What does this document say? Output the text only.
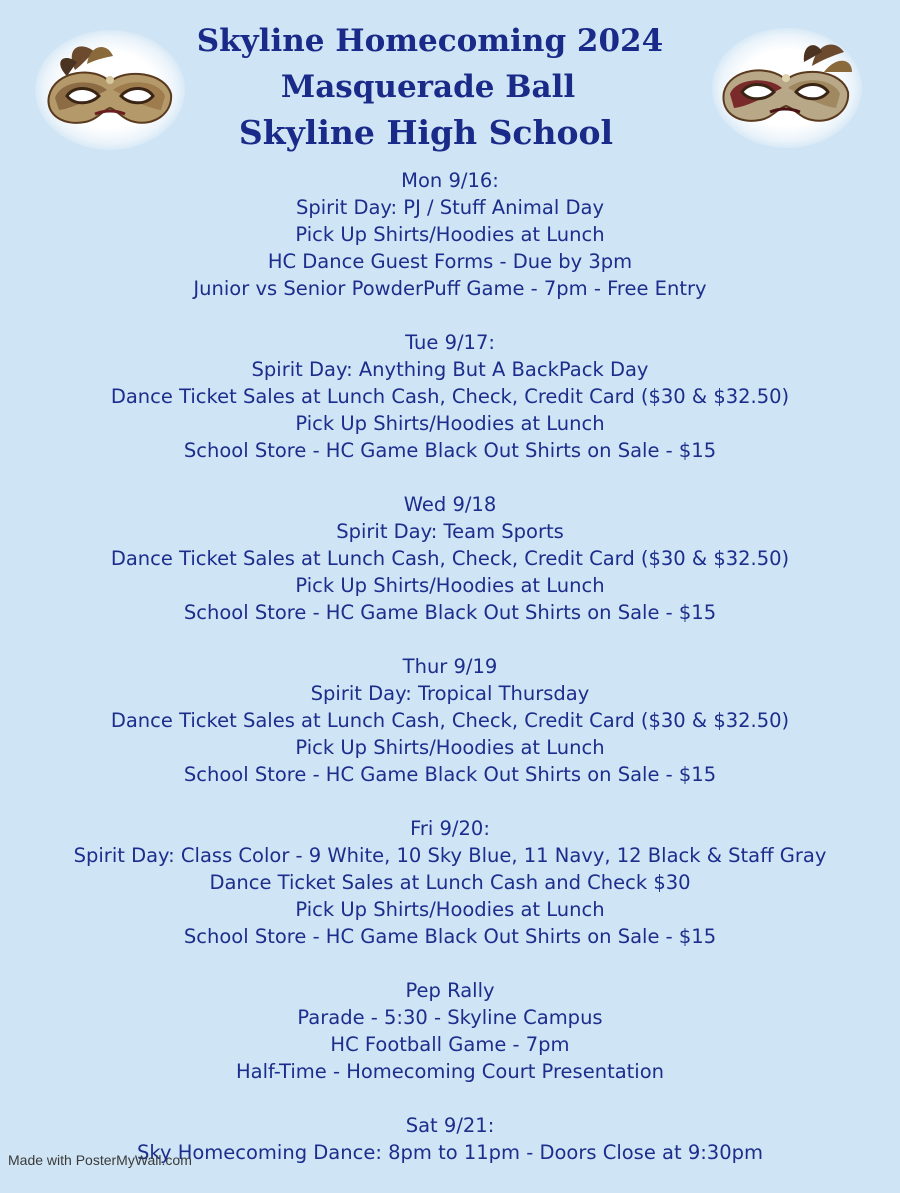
Skyline Homecoming 2024
Masquerade Ball
Skyline High School
Mon 9/16:
Spirit Day: PJ / Stuff Animal Day
Pick Up Shirts/Hoodies at Lunch
HC Dance Guest Forms - Due by 3pm
Junior vs Senior PowderPuff Game - 7pm - Free Entry
Tue 9/17:
Spirit Day: Anything But A BackPack Day
Dance Ticket Sales at Lunch Cash, Check, Credit Card ($30 & $32.50)
Pick Up Shirts/Hoodies at Lunch
School Store - HC Game Black Out Shirts on Sale - $15
Wed 9/18
Spirit Day: Team Sports
Dance Ticket Sales at Lunch Cash, Check, Credit Card ($30 & $32.50)
Pick Up Shirts/Hoodies at Lunch
School Store - HC Game Black Out Shirts on Sale - $15
Thur 9/19
Spirit Day: Tropical Thursday
Dance Ticket Sales at Lunch Cash, Check, Credit Card ($30 & $32.50)
Pick Up Shirts/Hoodies at Lunch
School Store - HC Game Black Out Shirts on Sale - $15
Fri 9/20:
Spirit Day: Class Color - 9 White, 10 Sky Blue, 11 Navy, 12 Black & Staff Gray
Dance Ticket Sales at Lunch Cash and Check $30
Pick Up Shirts/Hoodies at Lunch
School Store - HC Game Black Out Shirts on Sale - $15
Pep Rally
Parade - 5:30 - Skyline Campus
HC Football Game - 7pm
Half-Time - Homecoming Court Presentation
Sat 9/21:
Sky Homecoming Dance: 8pm to 11pm - Doors Close at 9:30pm
Made with PosterMyWall.com
